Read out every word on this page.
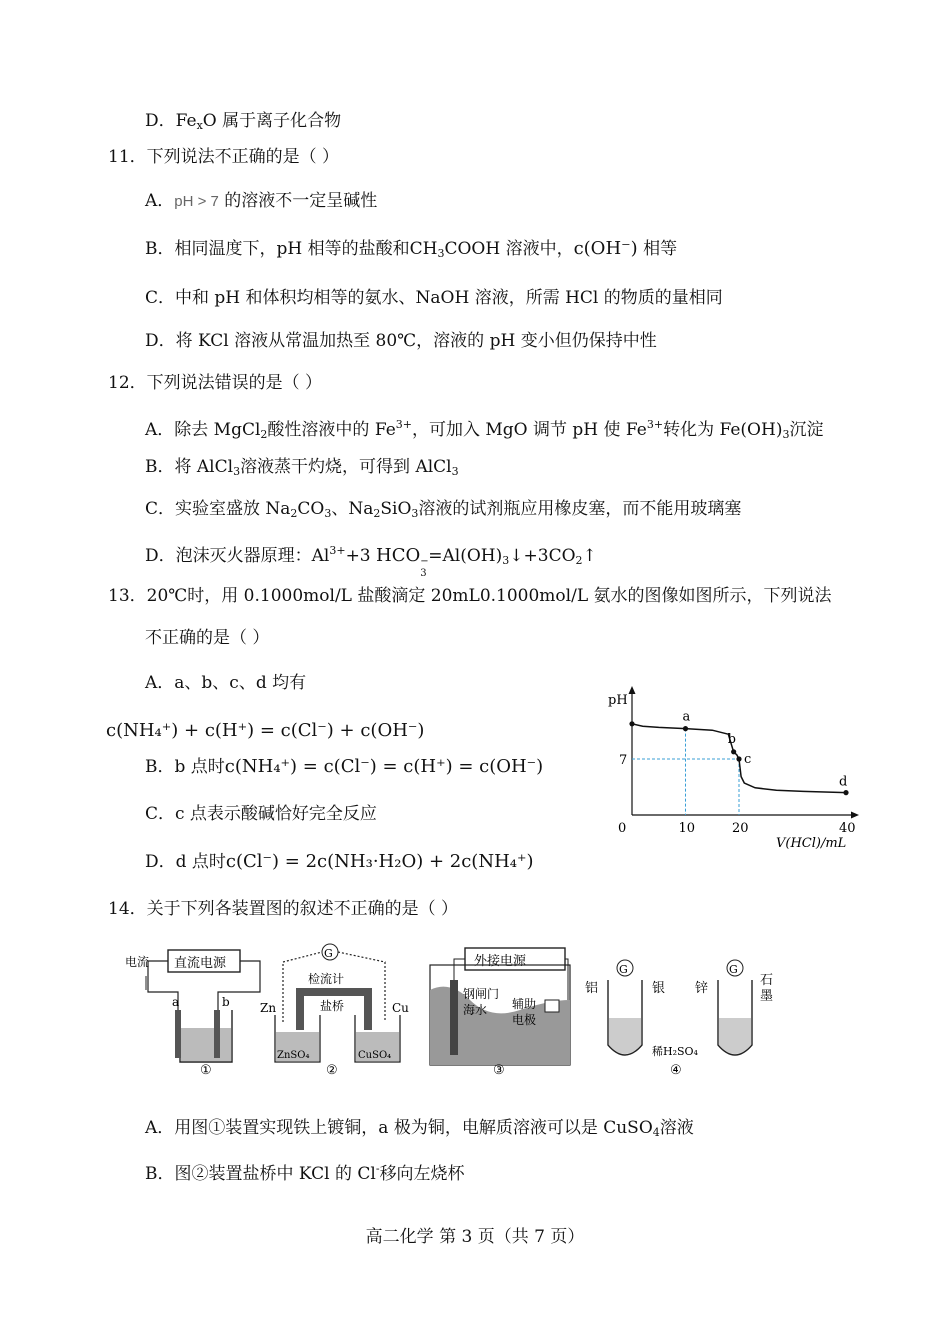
D．$Fe_xO$ 属于离子化合物
11．下列说法不正确的是（ ）
A．pH > 7 的溶液不一定呈碱性
B．相同温度下，pH 相等的盐酸和$CH_3COOH$ 溶液中，c(OH⁻) 相等
C．中和 pH 和体积均相等的氨水、NaOH 溶液，所需 HCl 的物质的量相同
D．将 KCl 溶液从常温加热至 80℃，溶液的 pH 变小但仍保持中性
12．下列说法错误的是（ ）
A．除去 MgCl$_2$酸性溶液中的 $Fe^{3+}$，可加入 MgO 调节 pH 使 $Fe^{3+}$转化为 $Fe(OH)_3$沉淀
B．将 AlCl$_3$溶液蒸干灼烧，可得到 AlCl$_3$
C．实验室盛放 $Na_2CO_3$、$Na_2SiO_3$溶液的试剂瓶应用橡皮塞，而不能用玻璃塞
D．泡沫灭火器原理：$Al^{3+}+3$ HCO −
3
$=Al(OH)_3↓+3CO_2↑$
13．20℃时，用 0.1000mol/L 盐酸滴定 20mL0.1000mol/L 氨水的图像如图所示，下列说法
不正确的是（ ）
A．a、b、c、d 均有
c(NH₄⁺) + c(H⁺) = c(Cl⁻) + c(OH⁻)
B．b 点时c(NH₄⁺) = c(Cl⁻) = c(H⁺) = c(OH⁻)
C．c 点表示酸碱恰好完全反应
D．d 点时c(Cl⁻) = 2c(NH₃·H₂O) + 2c(NH₄⁺)
pH
V(HCl)/mL
0	10	20	40
7
a
b
c
d
14．关于下列各装置图的叙述不正确的是（ ）
直流电源
电流
a	b
①
G
检流计
盐桥
Zn	Cu
ZnSO₄	CuSO₄
②
外接电源
钢闸门
海水 辅助
电极
③
G
铝	银
G
锌
石
墨
稀H₂SO₄
④
A．用图①装置实现铁上镀铜，a 极为铜，电解质溶液可以是 CuSO$_4$溶液
B．图②装置盐桥中 KCl 的 Cl-移向左烧杯
高二化学 第 3 页（共 7 页）
